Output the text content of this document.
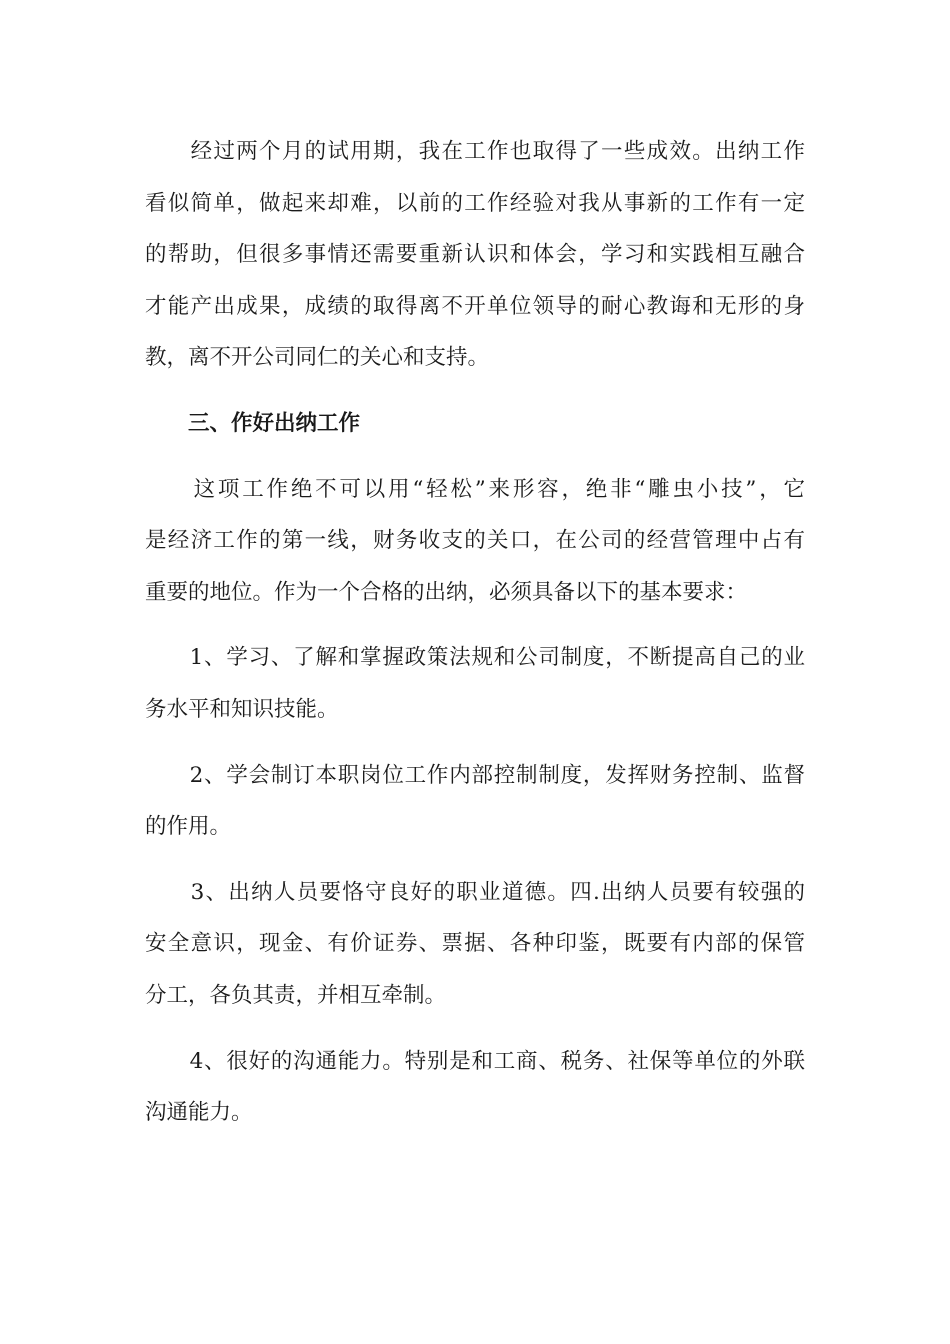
　　经过两个月的试用期，我在工作也取得了一些成效。出纳工作
看似简单，做起来却难，以前的工作经验对我从事新的工作有一定
的帮助，但很多事情还需要重新认识和体会，学习和实践相互融合
才能产出成果，成绩的取得离不开单位领导的耐心教诲和无形的身
教，离不开公司同仁的关心和支持。
　　三、作好出纳工作
　　这项工作绝不可以用“轻松”来形容，绝非“雕虫小技”，它
是经济工作的第一线，财务收支的关口，在公司的经营管理中占有
重要的地位。作为一个合格的出纳，必须具备以下的基本要求：
　　1、学习、了解和掌握政策法规和公司制度，不断提高自己的业
务水平和知识技能。
　　2、学会制订本职岗位工作内部控制制度，发挥财务控制、监督
的作用。
　　3、出纳人员要恪守良好的职业道德。四.出纳人员要有较强的
安全意识，现金、有价证券、票据、各种印鉴，既要有内部的保管
分工，各负其责，并相互牵制。
　　4、很好的沟通能力。特别是和工商、税务、社保等单位的外联
沟通能力。
